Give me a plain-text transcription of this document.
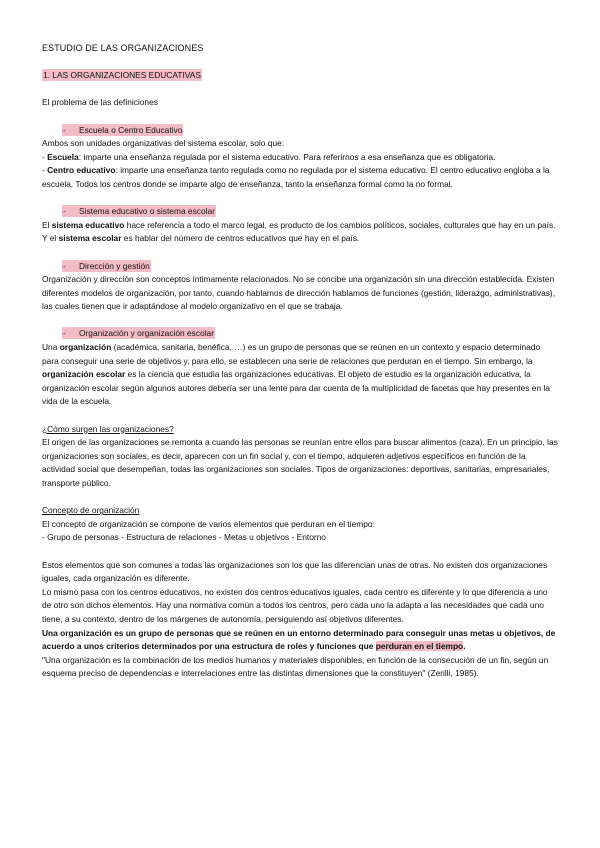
ESTUDIO DE LAS ORGANIZACIONES

1. LAS ORGANIZACIONES EDUCATIVAS

El problema de las definiciones

- Escuela o Centro Educativo

Ambos son unidades organizativas del sistema escolar, solo que:

- Escuela: imparte una enseñanza regulada por el sistema educativo. Para referirnos a esa enseñanza que es obligatoria.

- Centro educativo: imparte una enseñanza tanto regulada como no regulada por el sistema educativo. El centro educativo engloba a la escuela. Todos los centros donde se imparte algo de enseñanza, tanto la enseñanza formal como la no formal.

- Sistema educativo o sistema escolar

El sistema educativo hace referencia a todo el marco legal, es producto de los cambios políticos, sociales, culturales que hay en un país. Y el sistema escolar es hablar del número de centros educativos que hay en el país.

- Dirección y gestión

Organización y dirección son conceptos íntimamente relacionados. No se concibe una organización sin una dirección establecida. Existen diferentes modelos de organización, por tanto, cuando hablamos de dirección hablamos de funciones (gestión, liderazgo, administrativas), las cuales tienen que ir adaptándose al modelo organizativo en el que se trabaja.

- Organización y organización escolar

Una organización (académica, sanitaria, benéfica, …) es un grupo de personas que se reúnen en un contexto y espacio determinado para conseguir una serie de objetivos y, para ello, se establecen una serie de relaciones que perduran en el tiempo. Sin embargo, la organización escolar es la ciencia que estudia las organizaciones educativas. El objeto de estudio es la organización educativa, la organización escolar según algunos autores debería ser una lente para dar cuenta de la multiplicidad de facetas que hay presentes en la vida de la escuela.

¿Cómo surgen las organizaciones?

El origen de las organizaciones se remonta a cuando las personas se reunían entre ellos para buscar alimentos (caza). En un principio, las organizaciones son sociales, es decir, aparecen con un fin social y, con el tiempo, adquieren adjetivos específicos en función de la actividad social que desempeñan, todas las organizaciones son sociales. Tipos de organizaciones: deportivas, sanitarias, empresariales, transporte público.

Concepto de organización

El concepto de organización se compone de varios elementos que perduran en el tiempo:

- Grupo de personas - Estructura de relaciones - Metas u objetivos - Entorno

Estos elementos que son comunes a todas las organizaciones son los que las diferencian unas de otras. No existen dos organizaciones iguales, cada organización es diferente.

Lo mismo pasa con los centros educativos, no existen dos centros educativos iguales, cada centro es diferente y lo que diferencia a uno de otro son dichos elementos. Hay una normativa común a todos los centros, pero cada uno la adapta a las necesidades que cada uno tiene, a su contexto, dentro de los márgenes de autonomía, persiguiendo así objetivos diferentes.

Una organización es un grupo de personas que se reúnen en un entorno determinado para conseguir unas metas u objetivos, de acuerdo a unos criterios determinados por una estructura de roles y funciones que perduran en el tiempo.

"Una organización es la combinación de los medios humanos y materiales disponibles, en función de la consecución de un fin, según un esquema preciso de dependencias e interrelaciones entre las distintas dimensiones que la constituyen" (Zerilli, 1985).
